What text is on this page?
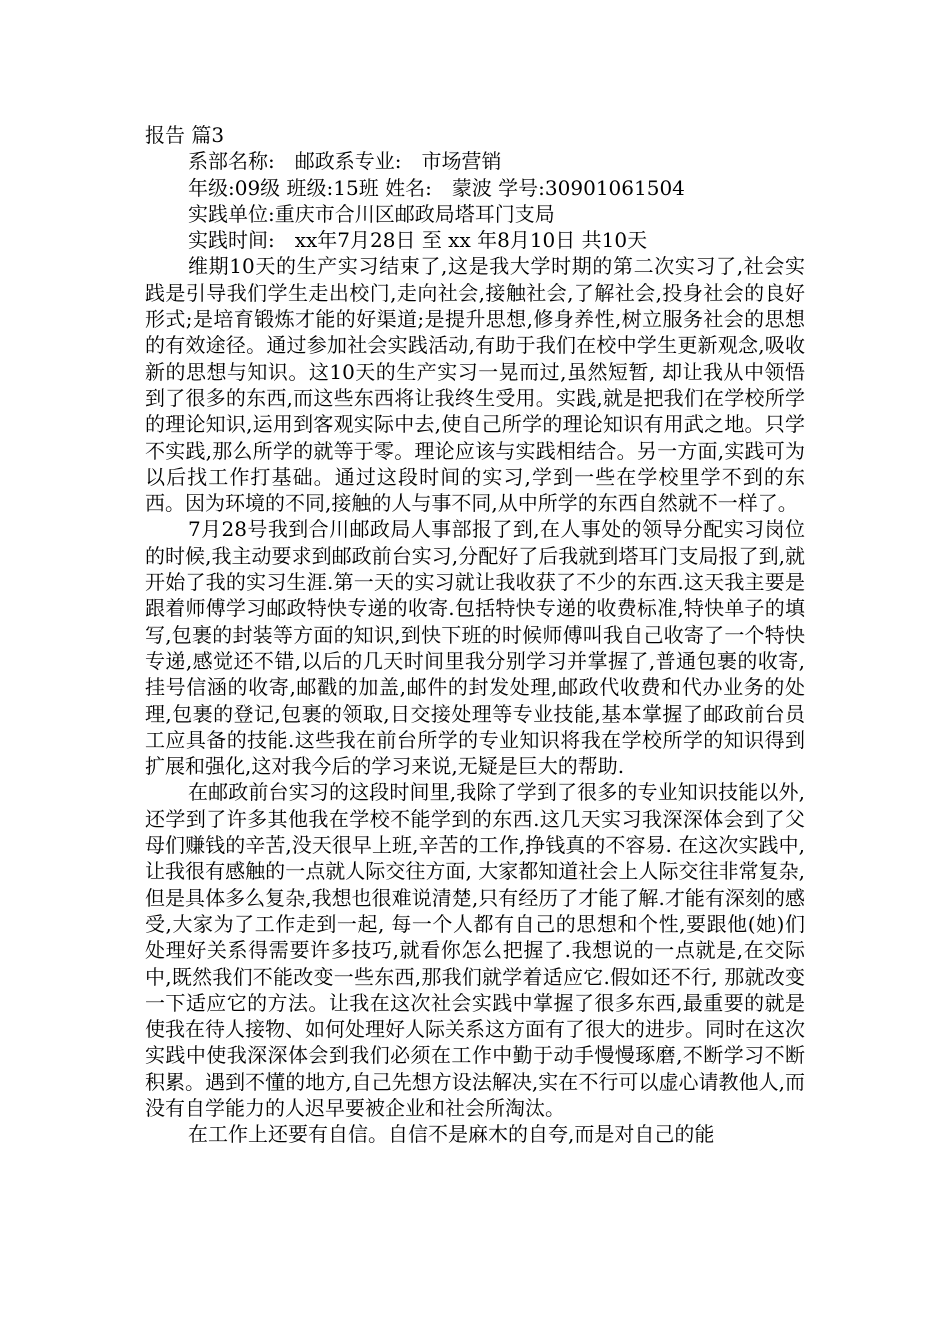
报告 篇3
系部名称:　邮政系专业:　市场营销
年级:09级 班级:15班 姓名:　蒙波 学号:30901061504
实践单位:重庆市合川区邮政局塔耳门支局
实践时间:　xx年7月28日 至 xx 年8月10日 共10天

维期10天的生产实习结束了,这是我大学时期的第二次实习了,社会实践是引导我们学生走出校门,走向社会,接触社会,了解社会,投身社会的良好形式;是培育锻炼才能的好渠道;是提升思想,修身养性,树立服务社会的思想的有效途径。通过参加社会实践活动,有助于我们在校中学生更新观念,吸收新的思想与知识。这10天的生产实习一晃而过,虽然短暂, 却让我从中领悟到了很多的东西,而这些东西将让我终生受用。实践,就是把我们在学校所学的理论知识,运用到客观实际中去,使自己所学的理论知识有用武之地。只学不实践,那么所学的就等于零。理论应该与实践相结合。另一方面,实践可为以后找工作打基础。通过这段时间的实习,学到一些在学校里学不到的东西。因为环境的不同,接触的人与事不同,从中所学的东西自然就不一样了。

7月28号我到合川邮政局人事部报了到,在人事处的领导分配实习岗位的时候,我主动要求到邮政前台实习,分配好了后我就到塔耳门支局报了到,就开始了我的实习生涯.第一天的实习就让我收获了不少的东西.这天我主要是跟着师傅学习邮政特快专递的收寄.包括特快专递的收费标准,特快单子的填写,包裹的封装等方面的知识,到快下班的时候师傅叫我自己收寄了一个特快专递,感觉还不错,以后的几天时间里我分别学习并掌握了,普通包裹的收寄,挂号信涵的收寄,邮戳的加盖,邮件的封发处理,邮政代收费和代办业务的处理,包裹的登记,包裹的领取,日交接处理等专业技能,基本掌握了邮政前台员工应具备的技能.这些我在前台所学的专业知识将我在学校所学的知识得到扩展和强化,这对我今后的学习来说,无疑是巨大的帮助.

在邮政前台实习的这段时间里,我除了学到了很多的专业知识技能以外,还学到了许多其他我在学校不能学到的东西.这几天实习我深深体会到了父母们赚钱的辛苦,没天很早上班,辛苦的工作,挣钱真的不容易. 在这次实践中,让我很有感触的一点就人际交往方面, 大家都知道社会上人际交往非常复杂,但是具体多么复杂,我想也很难说清楚,只有经历了才能了解.才能有深刻的感受,大家为了工作走到一起, 每一个人都有自己的思想和个性,要跟他(她)们处理好关系得需要许多技巧,就看你怎么把握了.我想说的一点就是,在交际中,既然我们不能改变一些东西,那我们就学着适应它.假如还不行, 那就改变一下适应它的方法。让我在这次社会实践中掌握了很多东西,最重要的就是使我在待人接物、如何处理好人际关系这方面有了很大的进步。同时在这次实践中使我深深体会到我们必须在工作中勤于动手慢慢琢磨,不断学习不断积累。遇到不懂的地方,自己先想方设法解决,实在不行可以虚心请教他人,而没有自学能力的人迟早要被企业和社会所淘汰。

在工作上还要有自信。自信不是麻木的自夸,而是对自己的能
